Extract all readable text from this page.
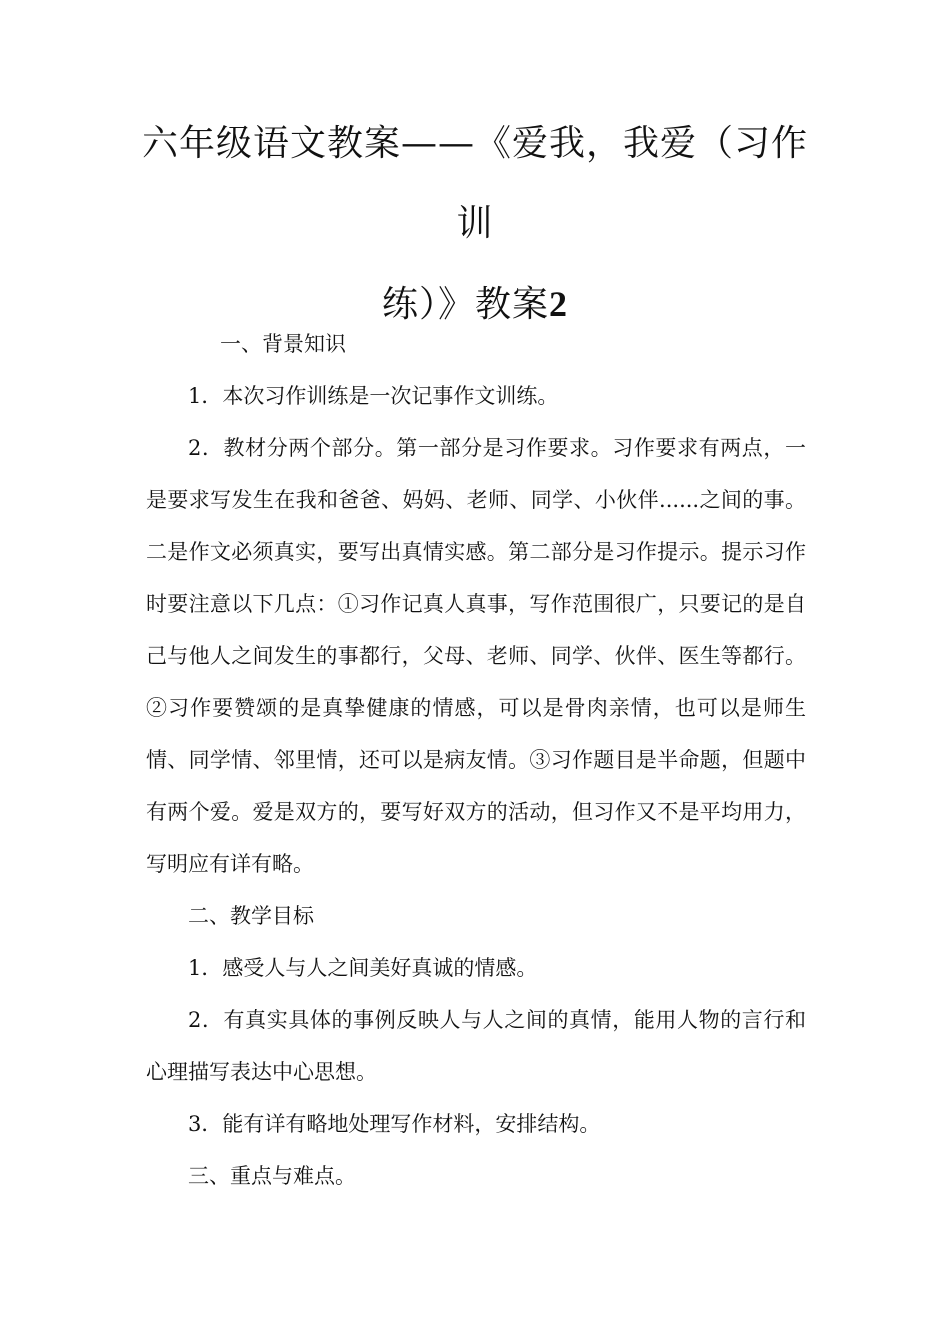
六年级语文教案——《爱我，我爱（习作训
练）》教案2

一、背景知识

1．本次习作训练是一次记事作文训练。

2．教材分两个部分。第一部分是习作要求。习作要求有两点，一是要求写发生在我和爸爸、妈妈、老师、同学、小伙伴......之间的事。二是作文必须真实，要写出真情实感。第二部分是习作提示。提示习作时要注意以下几点：①习作记真人真事，写作范围很广，只要记的是自己与他人之间发生的事都行，父母、老师、同学、伙伴、医生等都行。②习作要赞颂的是真挚健康的情感，可以是骨肉亲情，也可以是师生情、同学情、邻里情，还可以是病友情。③习作题目是半命题，但题中有两个爱。爱是双方的，要写好双方的活动，但习作又不是平均用力，写明应有详有略。

二、教学目标

1．感受人与人之间美好真诚的情感。

2．有真实具体的事例反映人与人之间的真情，能用人物的言行和心理描写表达中心思想。

3．能有详有略地处理写作材料，安排结构。

三、重点与难点。
